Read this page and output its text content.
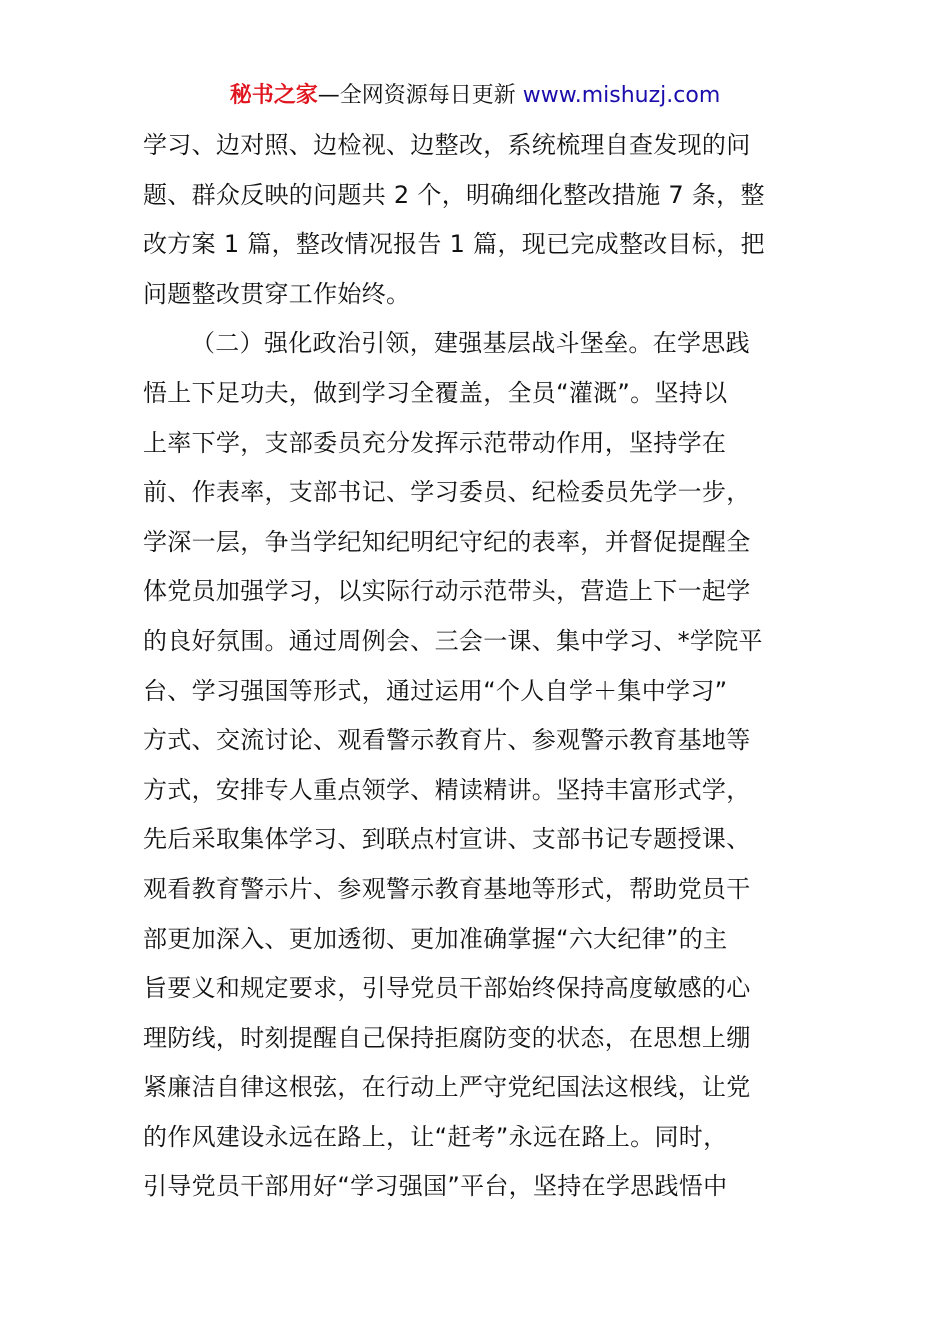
秘书之家—全网资源每日更新 www.mishuzj.com
学习、边对照、边检视、边整改，系统梳理自查发现的问
题、群众反映的问题共 2 个，明确细化整改措施 7 条，整
改方案 1 篇，整改情况报告 1 篇，现已完成整改目标，把
问题整改贯穿工作始终。
（二）强化政治引领，建强基层战斗堡垒。在学思践
悟上下足功夫，做到学习全覆盖，全员“灌溉”。坚持以
上率下学，支部委员充分发挥示范带动作用，坚持学在
前、作表率，支部书记、学习委员、纪检委员先学一步，
学深一层，争当学纪知纪明纪守纪的表率，并督促提醒全
体党员加强学习，以实际行动示范带头，营造上下一起学
的良好氛围。通过周例会、三会一课、集中学习、*学院平
台、学习强国等形式，通过运用“个人自学＋集中学习”
方式、交流讨论、观看警示教育片、参观警示教育基地等
方式，安排专人重点领学、精读精讲。坚持丰富形式学，
先后采取集体学习、到联点村宣讲、支部书记专题授课、
观看教育警示片、参观警示教育基地等形式，帮助党员干
部更加深入、更加透彻、更加准确掌握“六大纪律”的主
旨要义和规定要求，引导党员干部始终保持高度敏感的心
理防线，时刻提醒自己保持拒腐防变的状态，在思想上绷
紧廉洁自律这根弦，在行动上严守党纪国法这根线，让党
的作风建设永远在路上，让“赶考”永远在路上。同时，
引导党员干部用好“学习强国”平台，坚持在学思践悟中
